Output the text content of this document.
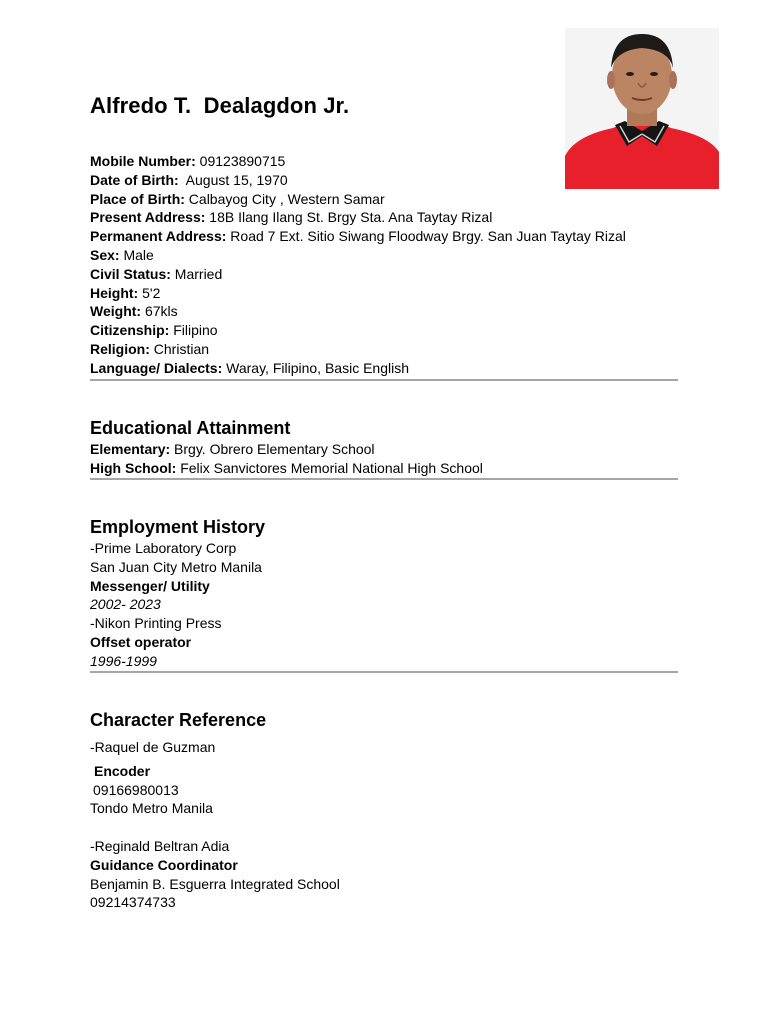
Alfredo T.  Dealagdon Jr.
Mobile Number: 09123890715
Date of Birth:  August 15, 1970
Place of Birth: Calbayog City , Western Samar
Present Address: 18B Ilang Ilang St. Brgy Sta. Ana Taytay Rizal
Permanent Address: Road 7 Ext. Sitio Siwang Floodway Brgy. San Juan Taytay Rizal
Sex: Male
Civil Status: Married
Height: 5'2
Weight: 67kls
Citizenship: Filipino
Religion: Christian
Language/ Dialects: Waray, Filipino, Basic English
Educational Attainment
Elementary: Brgy. Obrero Elementary School
High School: Felix Sanvictores Memorial National High School
Employment History
-Prime Laboratory Corp
San Juan City Metro Manila
Messenger/ Utility
2002- 2023
-Nikon Printing Press
Offset operator
1996-1999
Character Reference
-Raquel de Guzman
Encoder
09166980013
Tondo Metro Manila
-Reginald Beltran Adia
Guidance Coordinator
Benjamin B. Esguerra Integrated School
09214374733
